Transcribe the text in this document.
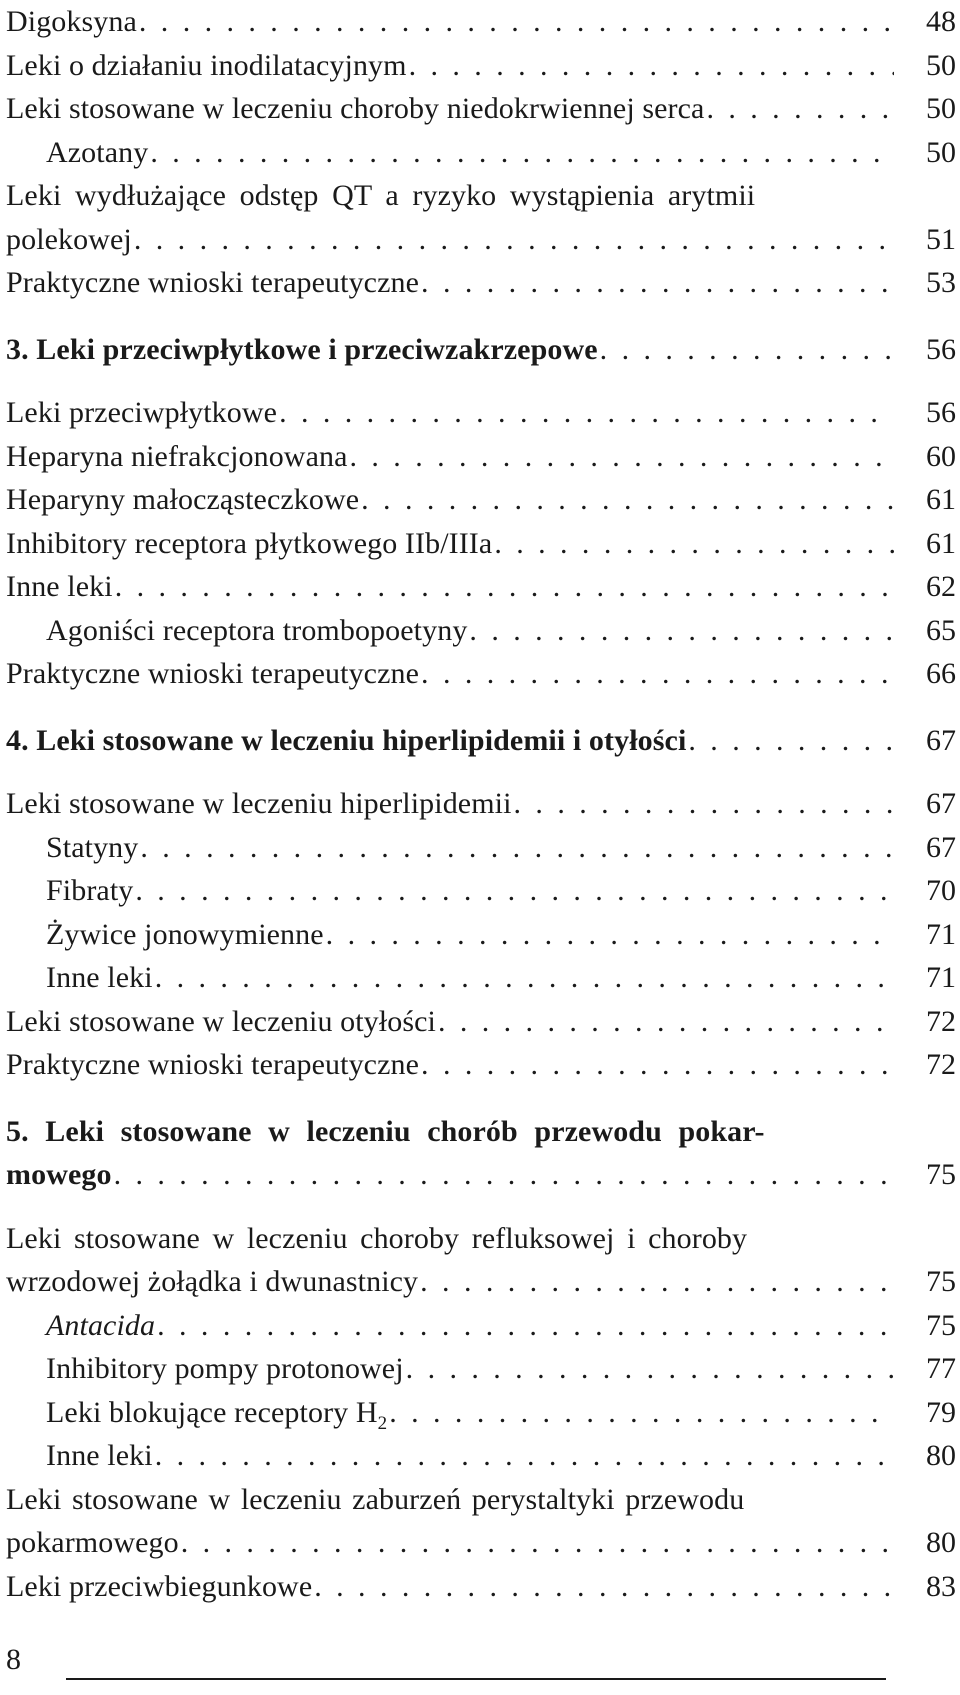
Digoksyna . . .	48
Leki o działaniu inodilatacyjnym . . .	50
Leki stosowane w leczeniu choroby niedokrwiennej serca . . .	50
Azotany . . .	50
Leki wydłużające odstęp QT a ryzyko wystąpienia arytmii
polekowej . . .	51
Praktyczne wnioski terapeutyczne . . .	53
3. Leki przeciwpłytkowe i przeciwzakrzepowe . . .	56
Leki przeciwpłytkowe . . .	56
Heparyna niefrakcjonowana . . .	60
Heparyny małocząsteczkowe . . .	61
Inhibitory receptora płytkowego IIb/IIIa . . .	61
Inne leki . . .	62
Agoniści receptora trombopoetyny . . .	65
Praktyczne wnioski terapeutyczne . . .	66
4. Leki stosowane w leczeniu hiperlipidemii i otyłości . . .	67
Leki stosowane w leczeniu hiperlipidemii . . .	67
Statyny . . .	67
Fibraty . . .	70
Żywice jonowymienne . . .	71
Inne leki . . .	71
Leki stosowane w leczeniu otyłości . . .	72
Praktyczne wnioski terapeutyczne . . .	72
5. Leki stosowane w leczeniu chorób przewodu pokar-
mowego . . .	75
Leki stosowane w leczeniu choroby refluksowej i choroby
wrzodowej żołądka i dwunastnicy . . .	75
Antacida . . .	75
Inhibitory pompy protonowej . . .	77
Leki blokujące receptory $H_2$ . . .	79
Inne leki . . .	80
Leki stosowane w leczeniu zaburzeń perystaltyki przewodu
pokarmowego . . .	80
Leki przeciwbiegunkowe . . .	83
8
